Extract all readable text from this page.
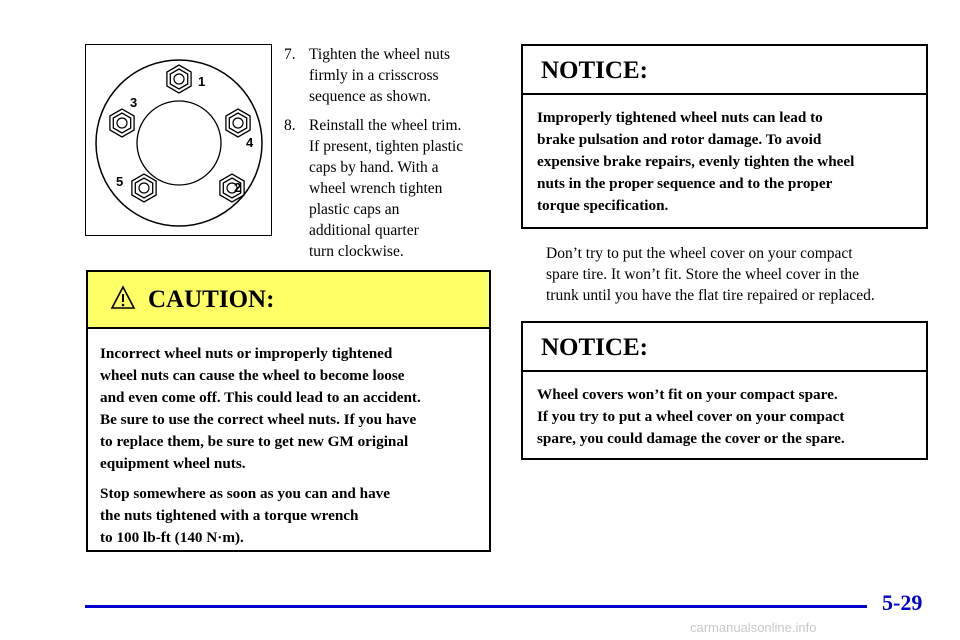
1
2
3
4
5
7. Tighten the wheel nuts
firmly in a crisscross
sequence as shown.
8. Reinstall the wheel trim.
If present, tighten plastic
caps by hand. With a
wheel wrench tighten
plastic caps an
additional quarter
turn clockwise.
CAUTION:

Incorrect wheel nuts or improperly tightened
wheel nuts can cause the wheel to become loose
and even come off. This could lead to an accident.
Be sure to use the correct wheel nuts. If you have
to replace them, be sure to get new GM original
equipment wheel nuts.

Stop somewhere as soon as you can and have
the nuts tightened with a torque wrench
to 100 lb-ft (140 N·m).

NOTICE:
Improperly tightened wheel nuts can lead to
brake pulsation and rotor damage. To avoid
expensive brake repairs, evenly tighten the wheel
nuts in the proper sequence and to the proper
torque specification.
Don’t try to put the wheel cover on your compact
spare tire. It won’t fit. Store the wheel cover in the
trunk until you have the flat tire repaired or replaced.
NOTICE:
Wheel covers won’t fit on your compact spare.
If you try to put a wheel cover on your compact
spare, you could damage the cover or the spare.
5-29
carmanualsonline.info
